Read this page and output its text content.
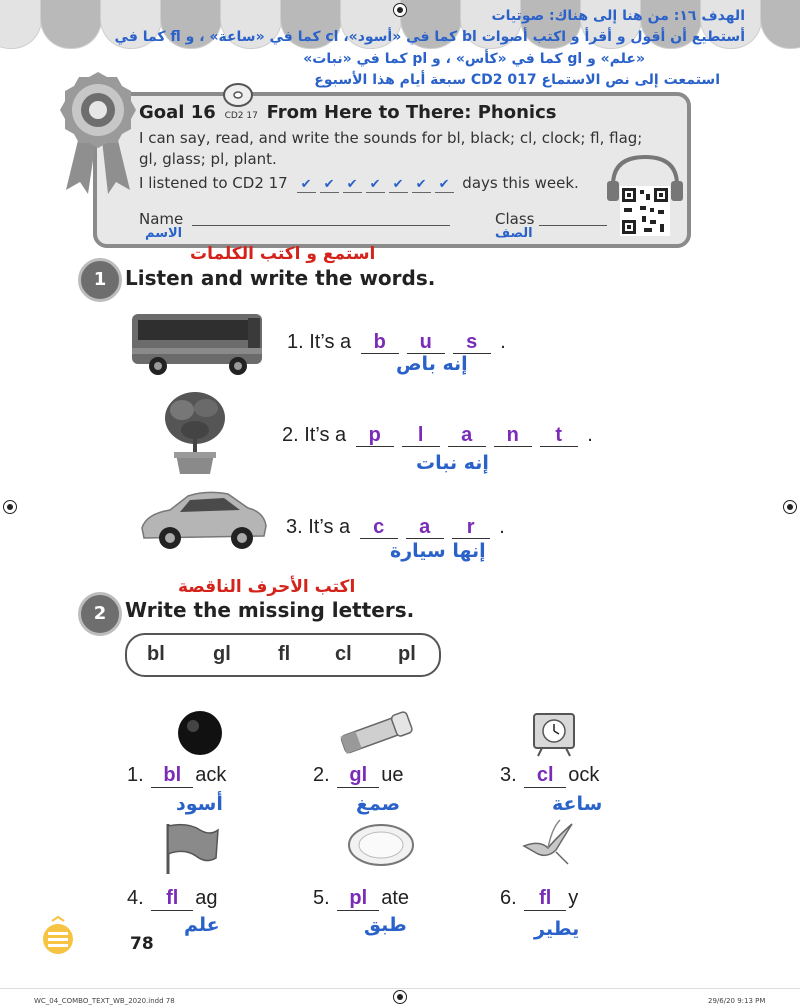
الهدف ١٦: من هنا إلى هناك: صوتيات
أستطيع أن أقول و أقرأ و اكتب أصوات bl كما في «أسود»، cl كما في «ساعة» ، و fl كما في
«علم» و gl كما في «كأس» ، و pl كما في «نبات»
استمعت إلى نص الاستماع CD2 017 سبعة أيام هذا الأسبوع
Goal 16 CD2 17 From Here to There: Phonics
I can say, read, and write the sounds for bl, black; cl, clock; fl, flag;
gl, glass; pl, plant.
I listened to CD2 17 ✔ ✔ ✔ ✔ ✔ ✔ ✔ days this week.
Name
الاسم
Class
الصف
استمع و اكتب الكلمات
1 Listen and write the words.
1. It’s a b u s .
إنه باص
2. It’s a p l a n t .
إنه نبات
3. It’s a c a r .
إنها سيارة
اكتب الأحرف الناقصة
2 Write the missing letters.
bl gl fl cl pl
1. bl ack
أسود
2. gl ue
صمغ
3. cl ock
ساعة
4. fl ag
علم
5. pl ate
طبق
6. fl y
يطير
78
WC_04_COMBO_TEXT_WB_2020.indd 78	29/6/20 9:13 PM
